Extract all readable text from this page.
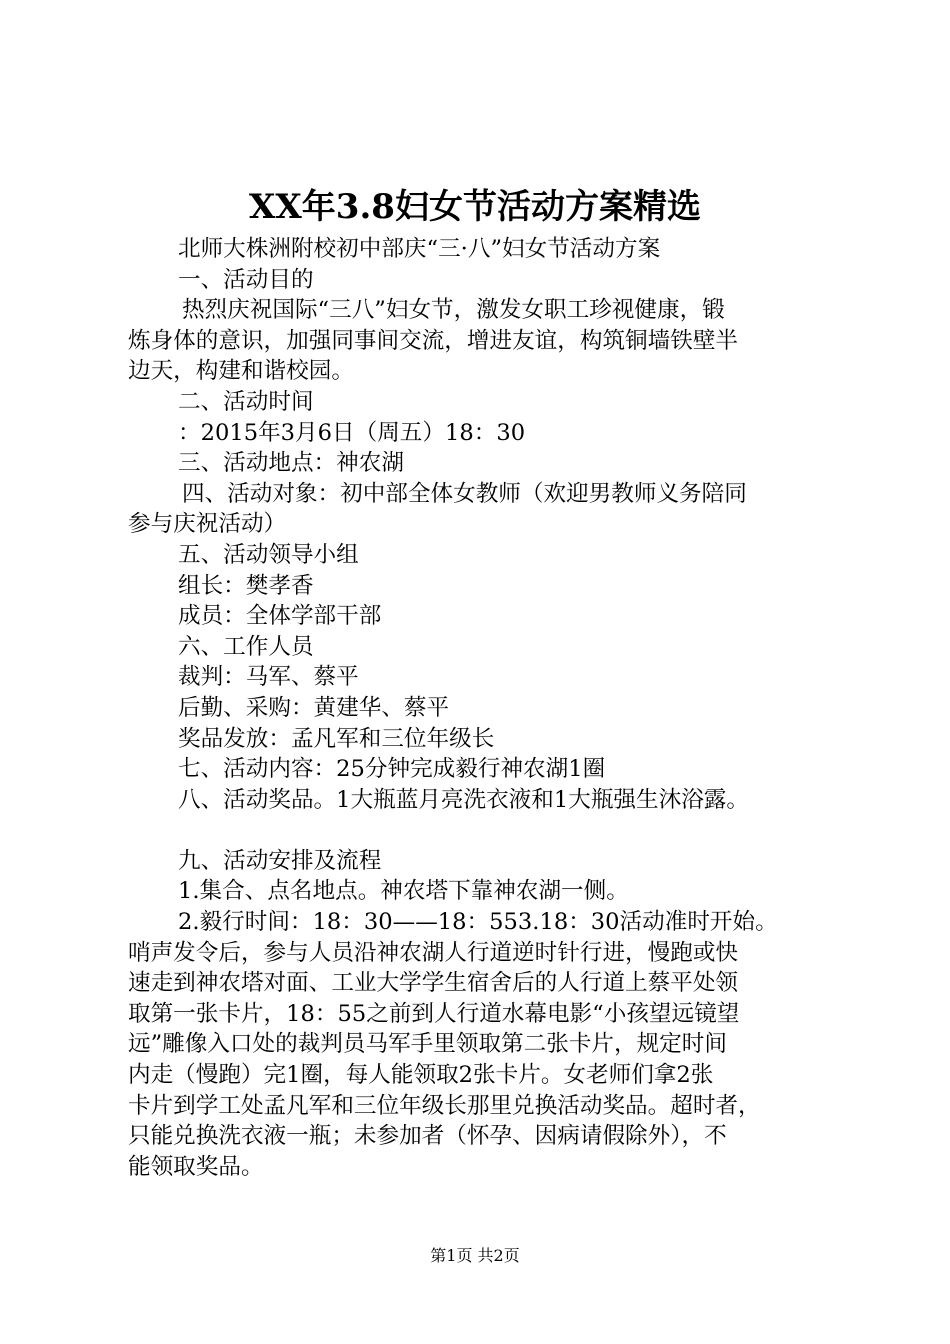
XX年3.8妇女节活动方案精选
北师大株洲附校初中部庆“三·八”妇女节活动方案
一、活动目的
热烈庆祝国际“三八”妇女节，激发女职工珍视健康，锻
炼身体的意识，加强同事间交流，增进友谊，构筑铜墙铁壁半
边天，构建和谐校园。
二、活动时间
：2015年3月6日（周五）18：30
三、活动地点：神农湖
四、活动对象：初中部全体女教师（欢迎男教师义务陪同
参与庆祝活动）
五、活动领导小组
组长：樊孝香
成员：全体学部干部
六、工作人员
裁判：马军、蔡平
后勤、采购：黄建华、蔡平
奖品发放：孟凡军和三位年级长
七、活动内容：25分钟完成毅行神农湖1圈
八、活动奖品。1大瓶蓝月亮洗衣液和1大瓶强生沐浴露。
九、活动安排及流程
1.集合、点名地点。神农塔下靠神农湖一侧。
2.毅行时间：18：30——18：553.18：30活动准时开始。
哨声发令后，参与人员沿神农湖人行道逆时针行进，慢跑或快
速走到神农塔对面、工业大学学生宿舍后的人行道上蔡平处领
取第一张卡片，18：55之前到人行道水幕电影“小孩望远镜望
远”雕像入口处的裁判员马军手里领取第二张卡片，规定时间
内走（慢跑）完1圈，每人能领取2张卡片。女老师们拿2张
卡片到学工处孟凡军和三位年级长那里兑换活动奖品。超时者，
只能兑换洗衣液一瓶；未参加者（怀孕、因病请假除外），不
能领取奖品。
第1页 共2页
